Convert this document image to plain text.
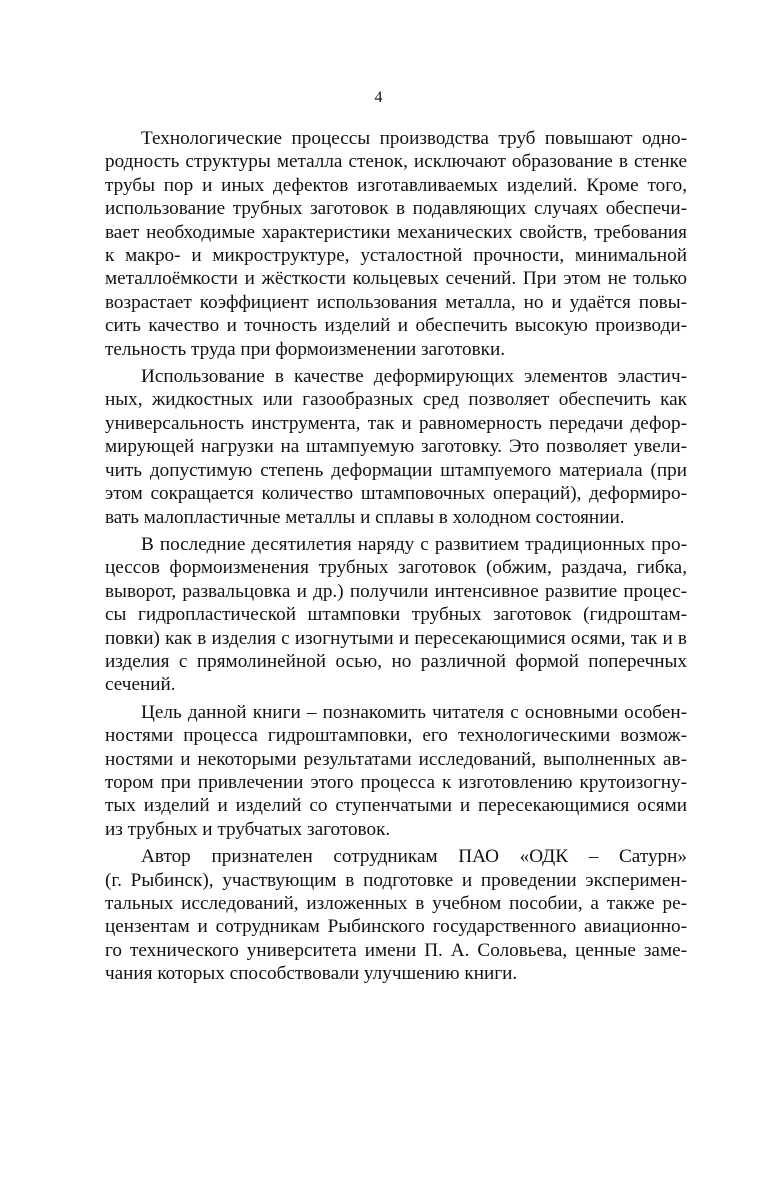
4
Технологические процессы производства труб повышают одно-
родность структуры металла стенок, исключают образование в стенке
трубы пор и иных дефектов изготавливаемых изделий. Кроме того,
использование трубных заготовок в подавляющих случаях обеспечи-
вает необходимые характеристики механических свойств, требования
к макро- и микроструктуре, усталостной прочности, минимальной
металлоёмкости и жёсткости кольцевых сечений. При этом не только
возрастает коэффициент использования металла, но и удаётся повы-
сить качество и точность изделий и обеспечить высокую производи-
тельность труда при формоизменении заготовки.
Использование в качестве деформирующих элементов эластич-
ных, жидкостных или газообразных сред позволяет обеспечить как
универсальность инструмента, так и равномерность передачи дефор-
мирующей нагрузки на штампуемую заготовку. Это позволяет увели-
чить допустимую степень деформации штампуемого материала (при
этом сокращается количество штамповочных операций), деформиро-
вать малопластичные металлы и сплавы в холодном состоянии.
В последние десятилетия наряду с развитием традиционных про-
цессов формоизменения трубных заготовок (обжим, раздача, гибка,
выворот, развальцовка и др.) получили интенсивное развитие процес-
сы гидропластической штамповки трубных заготовок (гидроштам-
повки) как в изделия с изогнутыми и пересекающимися осями, так и в
изделия с прямолинейной осью, но различной формой поперечных
сечений.
Цель данной книги – познакомить читателя с основными особен-
ностями процесса гидроштамповки, его технологическими возмож-
ностями и некоторыми результатами исследований, выполненных ав-
тором при привлечении этого процесса к изготовлению крутоизогну-
тых изделий и изделий со ступенчатыми и пересекающимися осями
из трубных и трубчатых заготовок.
Автор признателен сотрудникам ПАО «ОДК – Сатурн»
(г. Рыбинск), участвующим в подготовке и проведении эксперимен-
тальных исследований, изложенных в учебном пособии, а также ре-
цензентам и сотрудникам Рыбинского государственного авиационно-
го технического университета имени П. А. Соловьева, ценные заме-
чания которых способствовали улучшению книги.
